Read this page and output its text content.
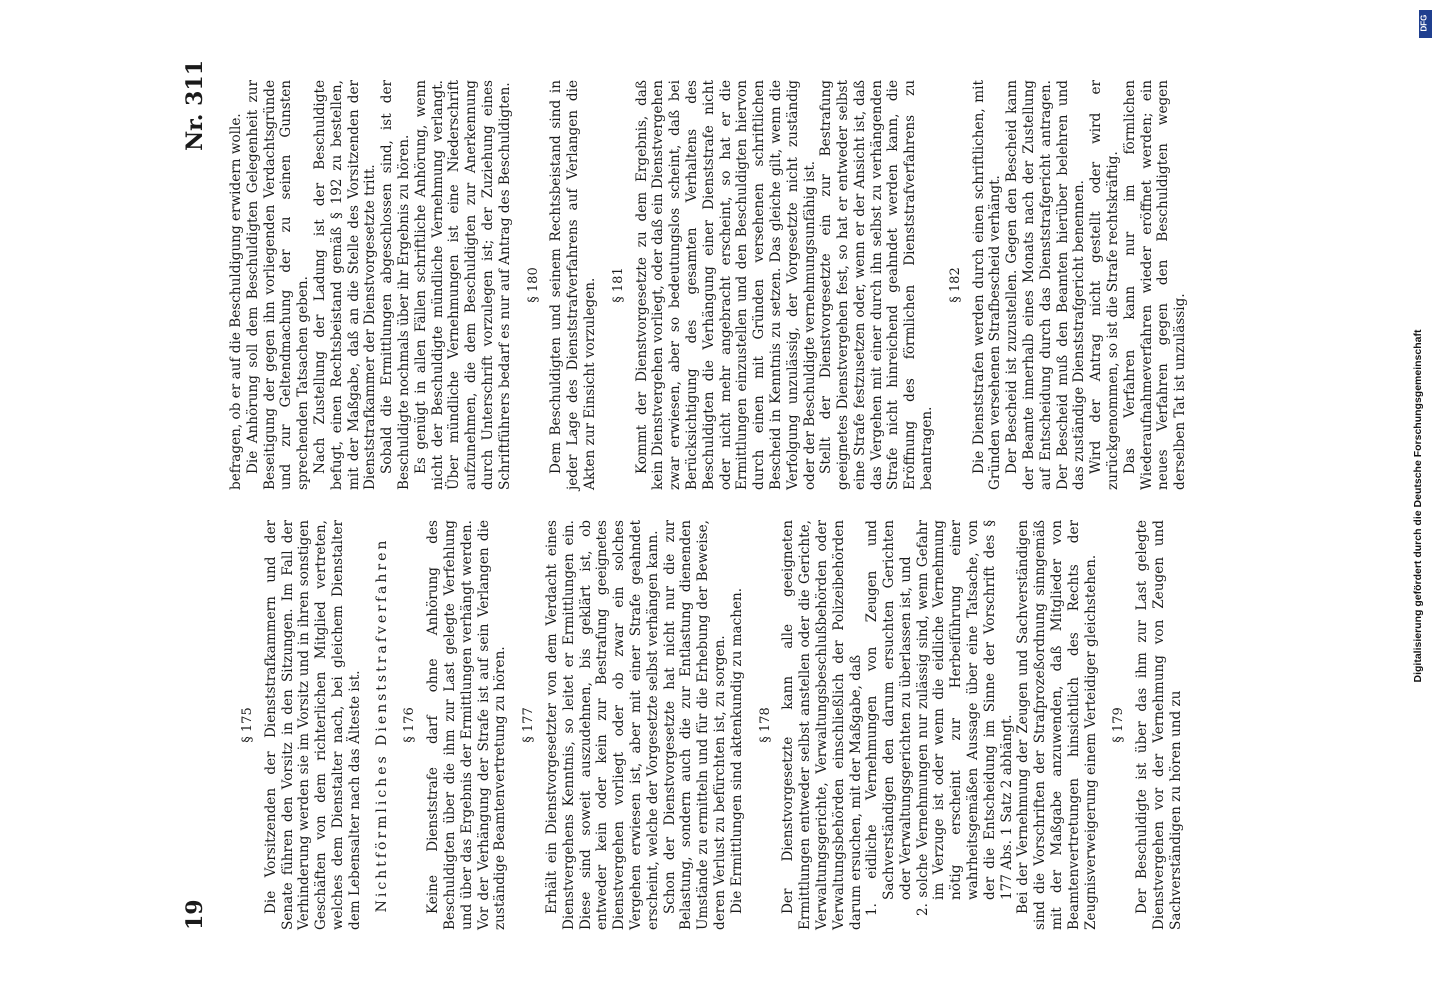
19
Nr. 311
§ 175 Die Vorsitzenden der Dienststrafkammern und der Senate führen den Vorsitz in den Sitzungen. Im Fall der Verhinderung werden sie im Vorsitz und in ihren sonstigen Geschäften von dem richterlichen Mitglied vertreten, welches dem Dienstalter nach, bei gleichem Dienstalter dem Lebensalter nach das Älteste ist. Nichtförmliches Dienststrafverfahren § 176 Keine Dienststrafe darf ohne Anhörung des Beschuldigten über die ihm zur Last gelegte Verfehlung und über das Ergebnis der Ermittlungen verhängt werden. Vor der Verhängung der Strafe ist auf sein Verlangen die zuständige Beamtenvertretung zu hören. § 177 Erhält ein Dienstvorgesetzter von dem Verdacht eines Dienstvergehens Kenntnis, so leitet er Ermittlungen ein. Diese sind soweit auszudehnen, bis geklärt ist, ob entweder kein oder kein zur Bestrafung geeignetes Dienstvergehen vorliegt oder ob zwar ein solches Vergehen erwiesen ist, aber mit einer Strafe geahndet erscheint, welche der Vorgesetzte selbst verhängen kann. Schon der Dienstvorgesetzte hat nicht nur die zur Belastung, sondern auch die zur Entlastung dienenden Umstände zu ermitteln und für die Erhebung der Beweise, deren Verlust zu befürchten ist, zu sorgen. Die Ermittlungen sind aktenkundig zu machen. § 178 Der Dienstvorgesetzte kann alle geeigneten Ermittlungen entweder selbst anstellen oder die Gerichte, Verwaltungsgerichte, Verwaltungsbeschlußbehörden oder Verwaltungsbehörden einschließlich der Polizeibehörden darum ersuchen, mit der Maßgabe, daß 1. eidliche Vernehmungen von Zeugen und Sachverständigen den darum ersuchten Gerichten oder Verwaltungsgerichten zu überlassen ist, und 2. solche Vernehmungen nur zulässig sind, wenn Gefahr im Verzuge ist oder wenn die eidliche Vernehmung nötig erscheint zur Herbeiführung einer wahrheitsgemäßen Aussage über eine Tatsache, von der die Entscheidung im Sinne der Vorschrift des § 177 Abs. 1 Satz 2 abhängt. Bei der Vernehmung der Zeugen und Sachverständigen sind die Vorschriften der Strafprozeßordnung sinngemäß mit der Maßgabe anzuwenden, daß Mitglieder von Beamtenvertretungen hinsichtlich des Rechts der Zeugnisverweigerung einem Verteidiger gleichstehen. § 179 Der Beschuldigte ist über das ihm zur Last gelegte Dienstvergehen vor der Vernehmung von Zeugen und Sachverständigen zu hören und zu

befragen, ob er auf die Beschuldigung erwidern wolle. Die Anhörung soll dem Beschuldigten Gelegenheit zur Beseitigung der gegen ihn vorliegenden Verdachtsgründe und zur Geltendmachung der zu seinen Gunsten sprechenden Tatsachen geben. Nach Zustellung der Ladung ist der Beschuldigte befugt, einen Rechtsbeistand gemäß § 192 zu bestellen, mit der Maßgabe, daß an die Stelle des Vorsitzenden der Dienststrafkammer der Dienstvorgesetzte tritt. Sobald die Ermittlungen abgeschlossen sind, ist der Beschuldigte nochmals über ihr Ergebnis zu hören. Es genügt in allen Fällen schriftliche Anhörung, wenn nicht der Beschuldigte mündliche Vernehmung verlangt. Über mündliche Vernehmungen ist eine Niederschrift aufzunehmen, die dem Beschuldigten zur Anerkennung durch Unterschrift vorzulegen ist; der Zuziehung eines Schriftführers bedarf es nur auf Antrag des Beschuldigten. § 180 Dem Beschuldigten und seinem Rechtsbeistand sind in jeder Lage des Dienststrafverfahrens auf Verlangen die Akten zur Einsicht vorzulegen. § 181 Kommt der Dienstvorgesetzte zu dem Ergebnis, daß kein Dienstvergehen vorliegt, oder daß ein Dienstvergehen zwar erwiesen, aber so bedeutungslos scheint, daß bei Berücksichtigung des gesamten Verhaltens des Beschuldigten die Verhängung einer Dienststrafe nicht oder nicht mehr angebracht erscheint, so hat er die Ermittlungen einzustellen und den Beschuldigten hiervon durch einen mit Gründen versehenen schriftlichen Bescheid in Kenntnis zu setzen. Das gleiche gilt, wenn die Verfolgung unzulässig, der Vorgesetzte nicht zuständig oder der Beschuldigte vernehmungsunfähig ist. Stellt der Dienstvorgesetzte ein zur Bestrafung geeignetes Dienstvergehen fest, so hat er entweder selbst eine Strafe festzusetzen oder, wenn er der Ansicht ist, daß das Vergehen mit einer durch ihn selbst zu verhängenden Strafe nicht hinreichend geahndet werden kann, die Eröffnung des förmlichen Dienststrafverfahrens zu beantragen.

§ 182 Die Dienststrafen werden durch einen schriftlichen, mit Gründen versehenen Strafbescheid verhängt. Der Bescheid ist zuzustellen. Gegen den Bescheid kann der Beamte innerhalb eines Monats nach der Zustellung auf Entscheidung durch das Dienststrafgericht antragen. Der Bescheid muß den Beamten hierüber belehren und das zuständige Dienststrafgericht benennen. Wird der Antrag nicht gestellt oder wird er zurückgenommen, so ist die Strafe rechtskräftig. Das Verfahren kann nur im förmlichen Wiederaufnahmeverfahren wieder eröffnet werden; ein neues Verfahren gegen den Beschuldigten wegen derselben Tat ist unzulässig.	Digitalisierung gefördert durch die Deutsche Forschungsgemeinschaft
DFG
